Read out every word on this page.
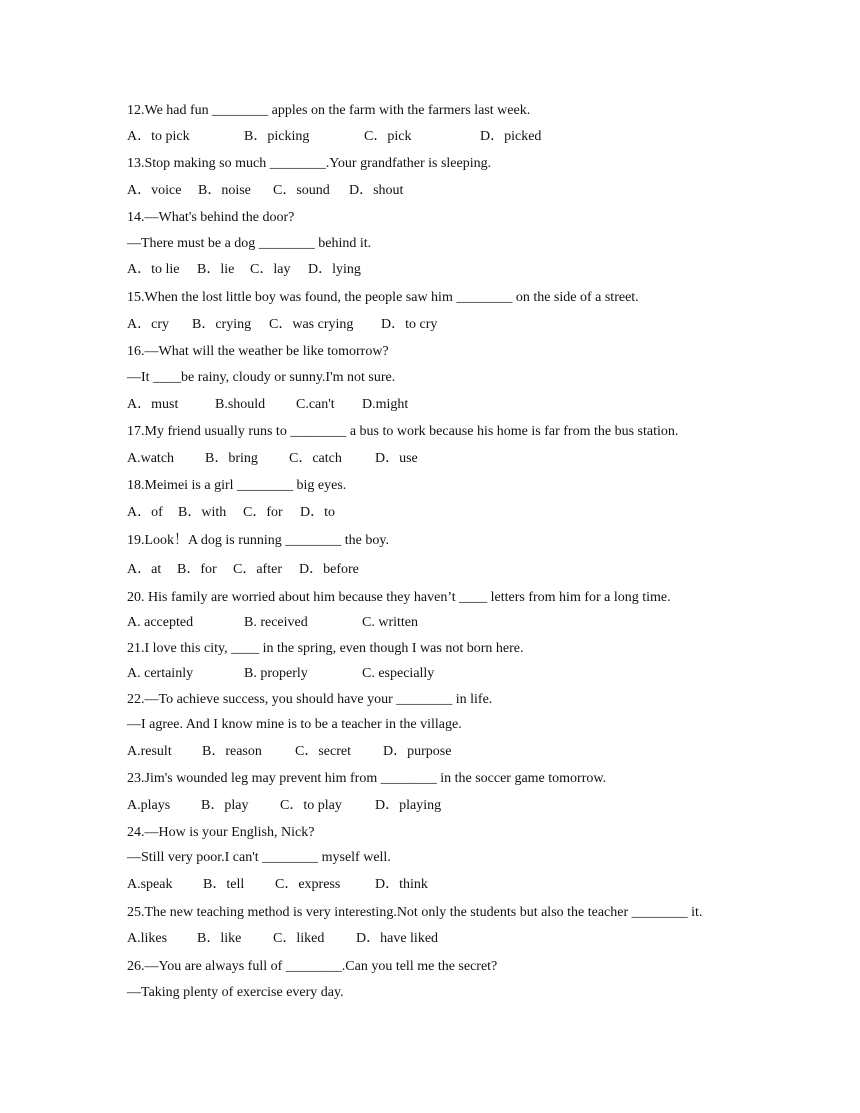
12.We had fun ________ apples on the farm with the farmers last week.

A．to pick	B．picking	C．pick	D．picked

13.Stop making so much ________.Your grandfather is sleeping.

A．voice B．noise C．sound D．shout

14.—What's behind the door?

—There must be a dog ________ behind it.

A．to lie B．lie C．lay D．lying

15.When the lost little boy was found, the people saw him ________ on the side of a street.

A．cry B．crying C．was crying D．to cry

16.—What will the weather be like tomorrow?

—It ____be rainy, cloudy or sunny.I'm not sure.

A．must	B.should C.can't D.might

17.My friend usually runs to ________ a bus to work because his home is far from the bus station.

A.watch B．bring C．catch D．use

18.Meimei is a girl ________ big eyes.

A．of B．with C．for D．to

19.Look！A dog is running ________ the boy.

A．at B．for C．after D．before

20. His family are worried about him because they haven’t ____ letters from him for a long time.

A. accepted	B. received	C. written

21.I love this city, ____ in the spring, even though I was not born here.

A. certainly	B. properly	C. especially

22.—To achieve success, you should have your ________ in life.

—I agree. And I know mine is to be a teacher in the village.

A.result B．reason C．secret D．purpose

23.Jim's wounded leg may prevent him from ________ in the soccer game tomorrow.

A.plays B．play C．to play D．playing

24.—How is your English, Nick?

—Still very poor.I can't ________ myself well.

A.speak B．tell C．express D．think

25.The new teaching method is very interesting.Not only the students but also the teacher ________ it.

A.likes B．like C．liked D．have liked

26.—You are always full of ________.Can you tell me the secret?

—Taking plenty of exercise every day.
